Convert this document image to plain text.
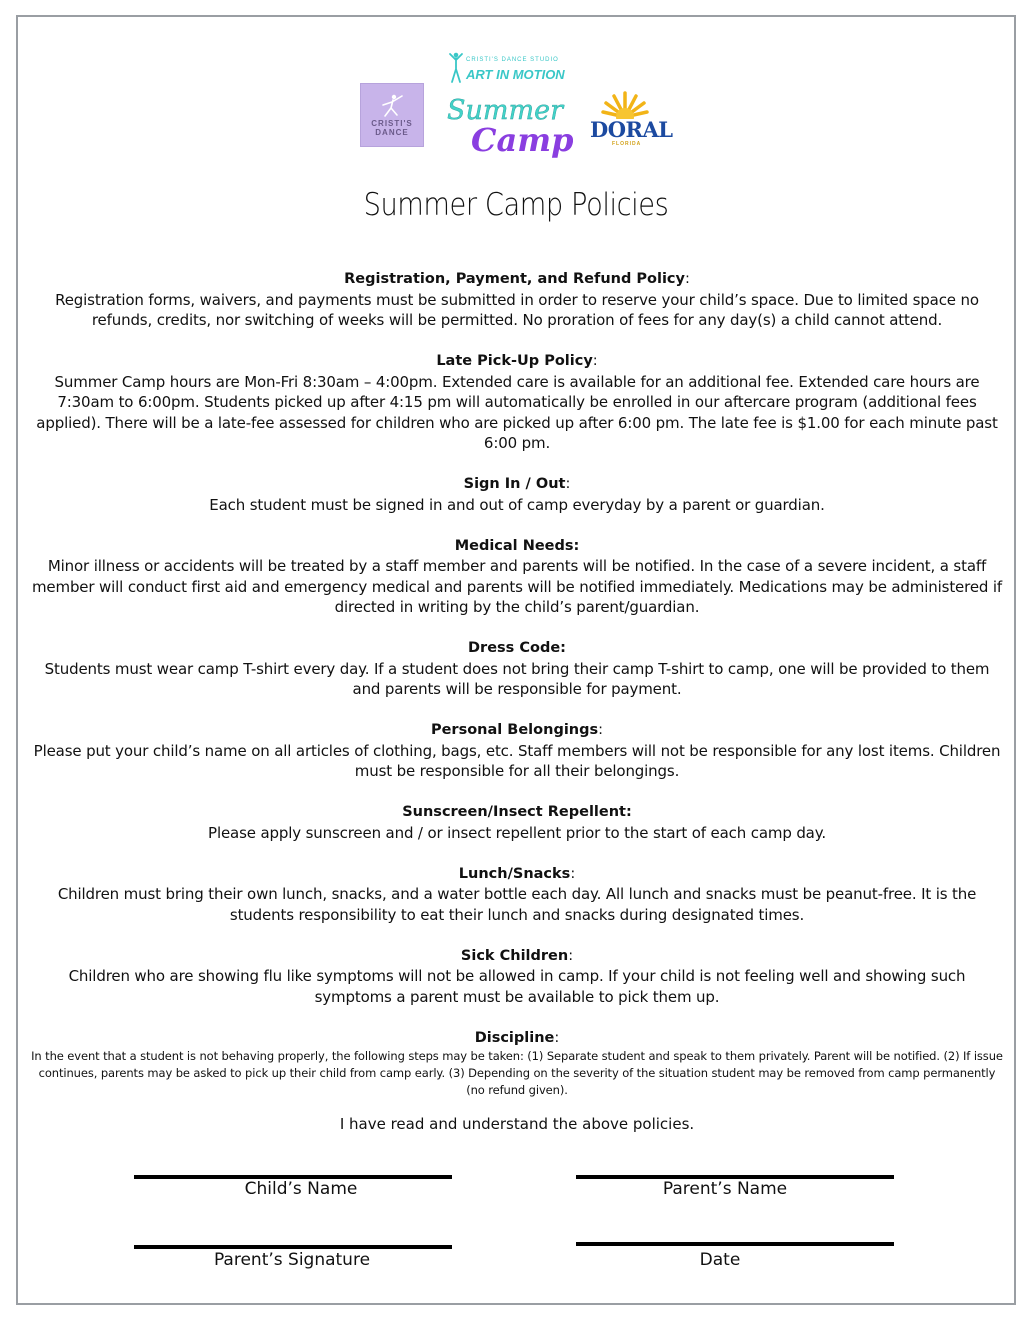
CRISTI'S DANCE
CRISTI'S DANCE STUDIO
ART IN MOTION
Summer
Camp DORAL
FLORIDA
Summer Camp Policies
Registration, Payment, and Refund Policy:

Registration forms, waivers, and payments must be submitted in order to reserve your child’s space. Due to limited space no refunds, credits, nor switching of weeks will be permitted. No proration of fees for any day(s) a child cannot attend.

Late Pick-Up Policy:

Summer Camp hours are Mon-Fri 8:30am – 4:00pm. Extended care is available for an additional fee. Extended care hours are 7:30am to 6:00pm. Students picked up after 4:15 pm will automatically be enrolled in our aftercare program (additional fees applied). There will be a late-fee assessed for children who are picked up after 6:00 pm. The late fee is $1.00 for each minute past 6:00 pm.

Sign In / Out:

Each student must be signed in and out of camp everyday by a parent or guardian.

Medical Needs:

Minor illness or accidents will be treated by a staff member and parents will be notified. In the case of a severe incident, a staff member will conduct first aid and emergency medical and parents will be notified immediately. Medications may be administered if directed in writing by the child’s parent/guardian.

Dress Code:

Students must wear camp T-shirt every day. If a student does not bring their camp T-shirt to camp, one will be provided to them and parents will be responsible for payment.

Personal Belongings:

Please put your child’s name on all articles of clothing, bags, etc. Staff members will not be responsible for any lost items. Children must be responsible for all their belongings.

Sunscreen/Insect Repellent:

Please apply sunscreen and / or insect repellent prior to the start of each camp day.

Lunch/Snacks:

Children must bring their own lunch, snacks, and a water bottle each day. All lunch and snacks must be peanut-free. It is the students responsibility to eat their lunch and snacks during designated times.

Sick Children:

Children who are showing flu like symptoms will not be allowed in camp. If your child is not feeling well and showing such symptoms a parent must be available to pick them up.

Discipline:

In the event that a student is not behaving properly, the following steps may be taken: (1) Separate student and speak to them privately. Parent will be notified. (2) If issue continues, parents may be asked to pick up their child from camp early. (3) Depending on the severity of the situation student may be removed from camp permanently (no refund given).

I have read and understand the above policies.

Child’s Name	Parent’s Name
Parent’s Signature	Date
